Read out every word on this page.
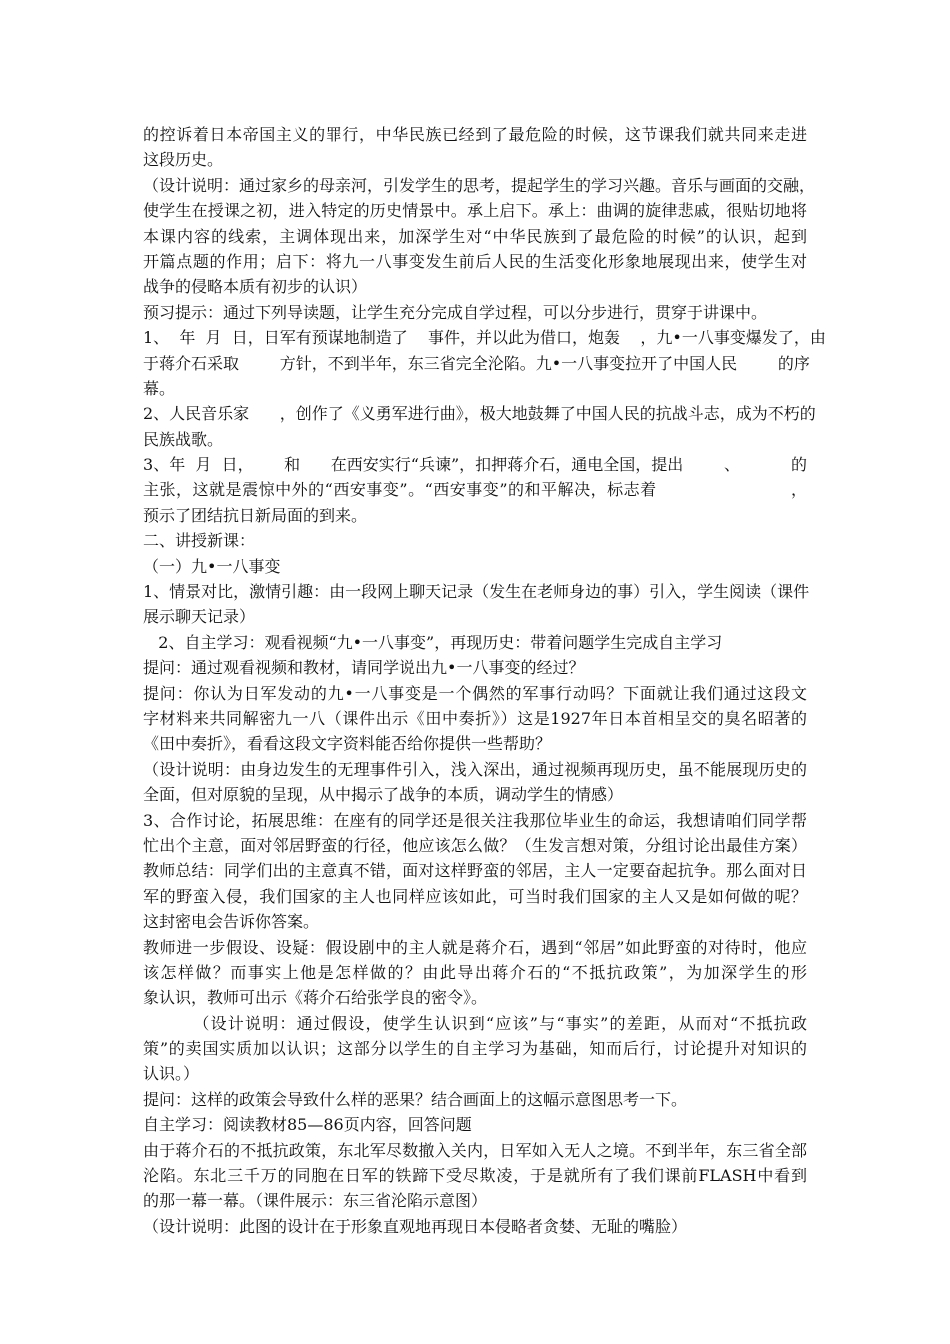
的控诉着日本帝国主义的罪行，中华民族已经到了最危险的时候，这节课我们就共同来走进
这段历史。
（设计说明：通过家乡的母亲河，引发学生的思考，提起学生的学习兴趣。音乐与画面的交融，
使学生在授课之初，进入特定的历史情景中。承上启下。承上：曲调的旋律悲戚，很贴切地将
本课内容的线索，主调体现出来，加深学生对“中华民族到了最危险的时候”的认识，起到
开篇点题的作用；启下：将九一八事变发生前后人民的生活变化形象地展现出来，使学生对
战争的侵略本质有初步的认识）
预习提示：通过下列导读题，让学生充分完成自学过程，可以分步进行，贯穿于讲课中。
1、  年  月  日，日军有预谋地制造了    事件，并以此为借口，炮轰    ，九•一八事变爆发了，由
于蒋介石采取        方针，不到半年，东三省完全沦陷。九•一八事变拉开了中国人民        的序
幕。
2、人民音乐家      ，创作了《义勇军进行曲》，极大地鼓舞了中国人民的抗战斗志，成为不朽的
民族战歌。
3、年  月  日，      和      在西安实行“兵谏”，扣押蒋介石，通电全国，提出        、          的
主张，这就是震惊中外的“西安事变”。“西安事变”的和平解决，标志着                        ，
预示了团结抗日新局面的到来。
二、讲授新课：
（一）九•一八事变
1、情景对比，激情引趣：由一段网上聊天记录（发生在老师身边的事）引入，学生阅读（课件
展示聊天记录）
2、自主学习：观看视频“九•一八事变”，再现历史：带着问题学生完成自主学习
提问：通过观看视频和教材，请同学说出九•一八事变的经过？
提问：你认为日军发动的九•一八事变是一个偶然的军事行动吗？下面就让我们通过这段文
字材料来共同解密九一八（课件出示《田中奏折》）这是1927年日本首相呈交的臭名昭著的
《田中奏折》，看看这段文字资料能否给你提供一些帮助？
（设计说明：由身边发生的无理事件引入，浅入深出，通过视频再现历史，虽不能展现历史的
全面，但对原貌的呈现，从中揭示了战争的本质，调动学生的情感）
3、合作讨论，拓展思维：在座有的同学还是很关注我那位毕业生的命运，我想请咱们同学帮
忙出个主意，面对邻居野蛮的行径，他应该怎么做？（生发言想对策，分组讨论出最佳方案）
教师总结：同学们出的主意真不错，面对这样野蛮的邻居，主人一定要奋起抗争。那么面对日
军的野蛮入侵，我们国家的主人也同样应该如此，可当时我们国家的主人又是如何做的呢？
这封密电会告诉你答案。
教师进一步假设、设疑：假设剧中的主人就是蒋介石，遇到“邻居”如此野蛮的对待时，他应
该怎样做？而事实上他是怎样做的？由此导出蒋介石的“不抵抗政策”，为加深学生的形
象认识，教师可出示《蒋介石给张学良的密令》。
（设计说明：通过假设，使学生认识到“应该”与“事实”的差距，从而对“不抵抗政
策”的卖国实质加以认识；这部分以学生的自主学习为基础，知而后行，讨论提升对知识的
认识。）
提问：这样的政策会导致什么样的恶果？结合画面上的这幅示意图思考一下。
自主学习：阅读教材85—86页内容，回答问题
由于蒋介石的不抵抗政策，东北军尽数撤入关内，日军如入无人之境。不到半年，东三省全部
沦陷。东北三千万的同胞在日军的铁蹄下受尽欺凌，于是就所有了我们课前FLASH中看到
的那一幕一幕。（课件展示：东三省沦陷示意图）
（设计说明：此图的设计在于形象直观地再现日本侵略者贪婪、无耻的嘴脸）
